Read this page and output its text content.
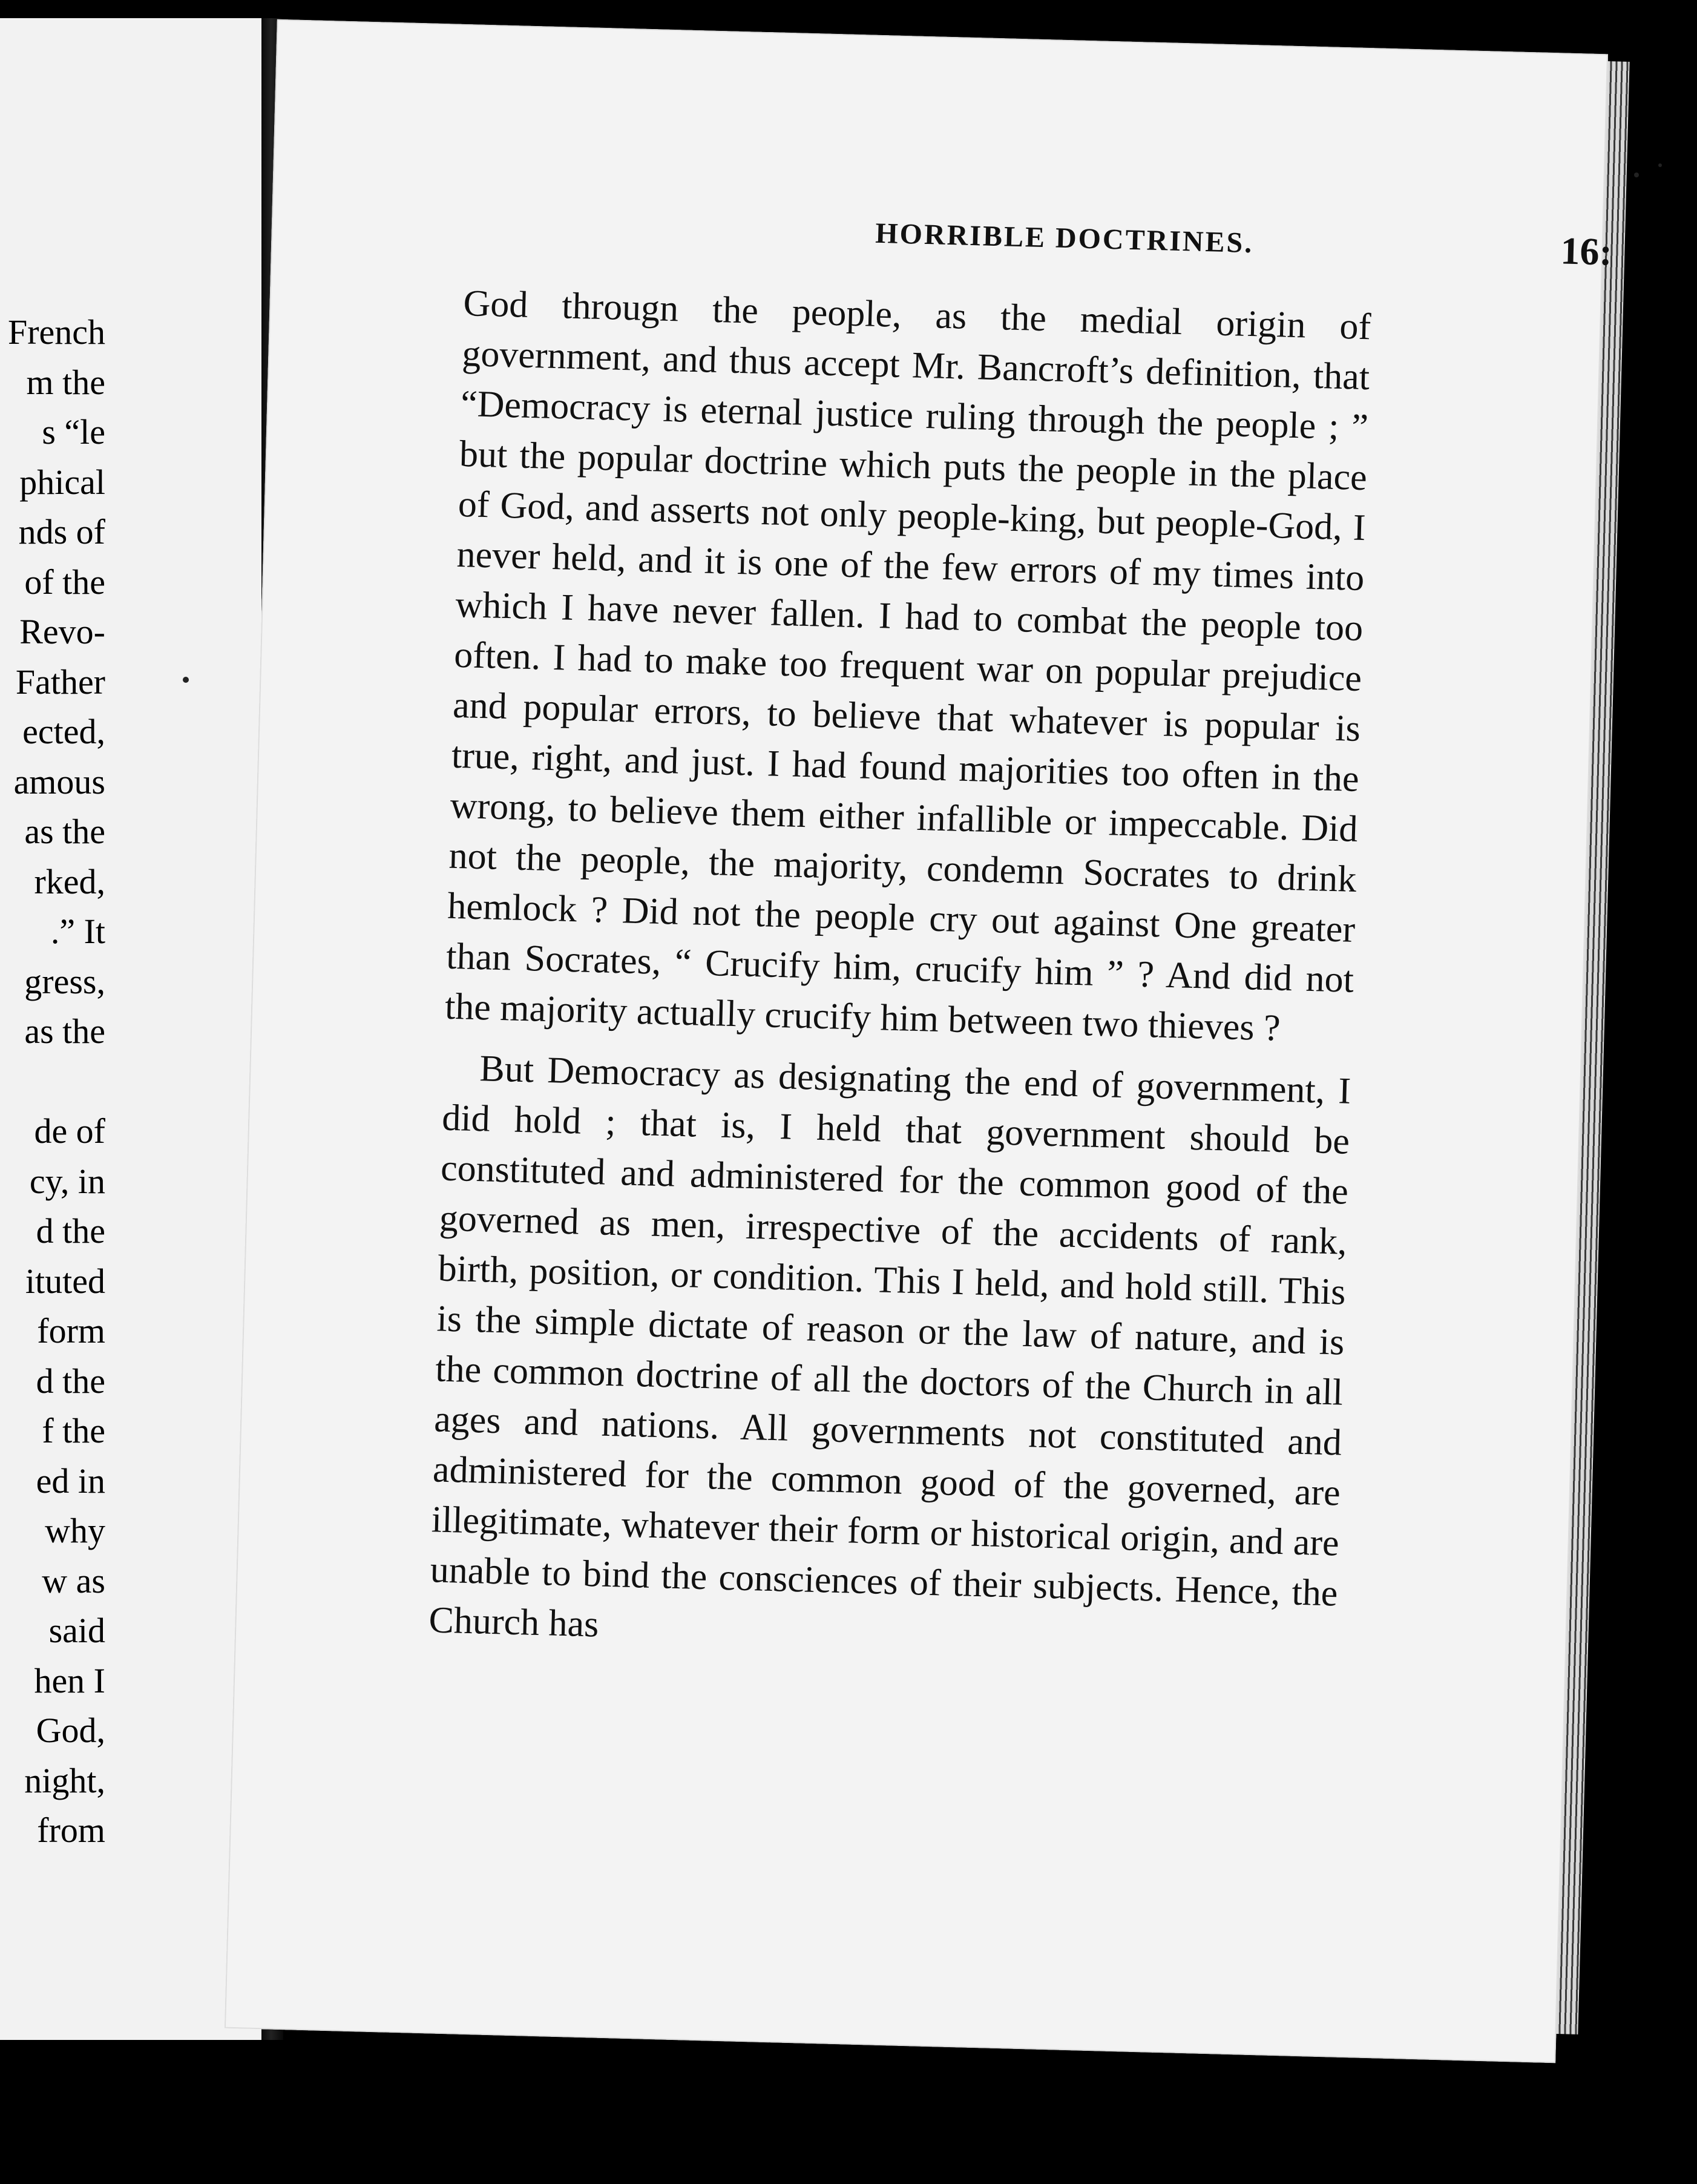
French
m the
s “le
phical
nds of
of the
Revo-
Father
ected,
amous
as the
rked,
.” It
gress,
as the
de of
cy, in
d the
ituted
form
d the
f the
ed in
why
w as
said
hen I
God,
night,
from
HORRIBLE DOCTRINES.	16:

God througn the people, as the medial origin of government, and thus accept Mr. Bancroft’s definition, that “Democracy is eternal justice ruling through the people ; ” but the popular doctrine which puts the people in the place of God, and asserts not only people-king, but people-God, I never held, and it is one of the few errors of my times into which I have never fallen. I had to combat the people too often. I had to make too frequent war on popular prejudice and popular errors, to believe that whatever is popular is true, right, and just. I had found majorities too often in the wrong, to believe them either infallible or impeccable. Did not the people, the majority, condemn Socrates to drink hemlock ? Did not the people cry out against One greater than Socrates, “ Crucify him, crucify him ” ? And did not the majority actually crucify him between two thieves ?

But Democracy as designating the end of government, I did hold ; that is, I held that government should be constituted and administered for the common good of the governed as men, irrespective of the accidents of rank, birth, position, or condition. This I held, and hold still. This is the simple dictate of reason or the law of nature, and is the common doctrine of all the doctors of the Church in all ages and nations. All governments not constituted and administered for the common good of the governed, are illegitimate, whatever their form or historical origin, and are unable to bind the consciences of their subjects. Hence, the Church has
